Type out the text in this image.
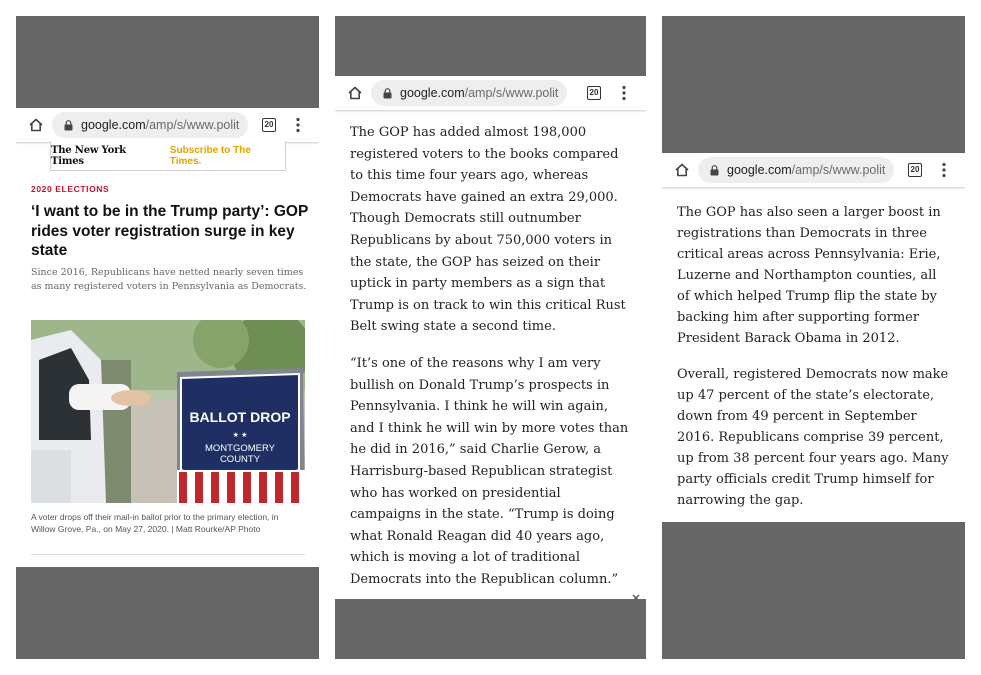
google.com /amp/s/www.polit	20
The New York Times
Subscribe to The Times.
2020 ELECTIONS
‘I want to be in the Trump party’: GOP rides voter registration surge in key state
Since 2016, Republicans have netted nearly seven times as many registered voters in Pennsylvania as Democrats.
BALLOT DROP
★ ★
MONTGOMERY
COUNTY
A voter drops off their mail-in ballot prior to the primary election, in Willow Grove, Pa., on May 27, 2020. | Matt Rourke/AP Photo
google.com /amp/s/www.polit	20

The GOP has added almost 198,000 registered voters to the books compared to this time four years ago, whereas Democrats have gained an extra 29,000. Though Democrats still outnumber Republicans by about 750,000 voters in the state, the GOP has seized on their uptick in party members as a sign that Trump is on track to win this critical Rust Belt swing state a second time.

“It’s one of the reasons why I am very bullish on Donald Trump’s prospects in Pennsylvania. I think he will win again, and I think he will win by more votes than he did in 2016,” said Charlie Gerow, a Harrisburg-based Republican strategist who has worked on presidential campaigns in the state. “Trump is doing what Ronald Reagan did 40 years ago, which is moving a lot of traditional Democrats into the Republican column.”

google.com /amp/s/www.polit	20

The GOP has also seen a larger boost in registrations than Democrats in three critical areas across Pennsylvania: Erie, Luzerne and Northampton counties, all of which helped Trump flip the state by backing him after supporting former President Barack Obama in 2012.

Overall, registered Democrats now make up 47 percent of the state’s electorate, down from 49 percent in September 2016. Republicans comprise 39 percent, up from 38 percent four years ago. Many party officials credit Trump himself for narrowing the gap.
